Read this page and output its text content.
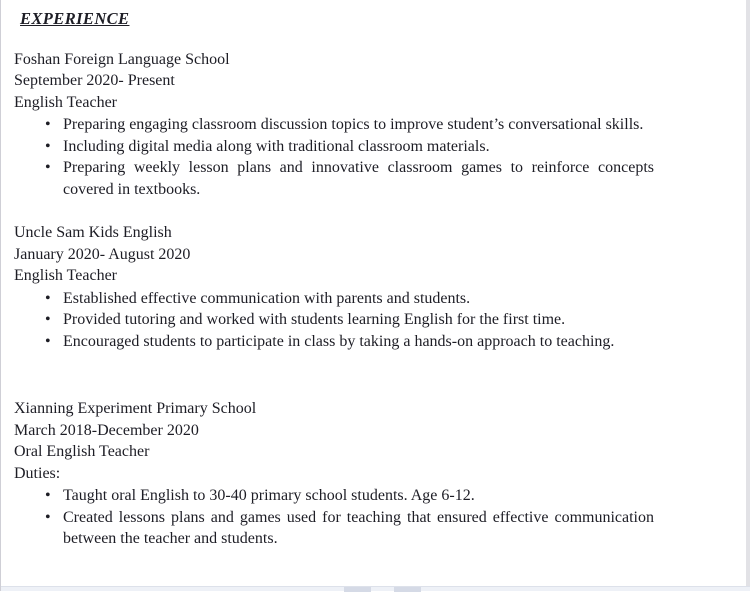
EXPERIENCE
Foshan Foreign Language School
September 2020- Present
English Teacher
• Preparing engaging classroom discussion topics to improve student’s conversational skills.
• Including digital media along with traditional classroom materials.
• Preparing weekly lesson plans and innovative classroom games to reinforce concepts covered in textbooks.
Uncle Sam Kids English
January 2020- August 2020
English Teacher
• Established effective communication with parents and students.
• Provided tutoring and worked with students learning English for the first time.
• Encouraged students to participate in class by taking a hands-on approach to teaching.
Xianning Experiment Primary School
March 2018-December 2020
Oral English Teacher
Duties:
• Taught oral English to 30-40 primary school students. Age 6-12.
• Created lessons plans and games used for teaching that ensured effective communication between the teacher and students.
